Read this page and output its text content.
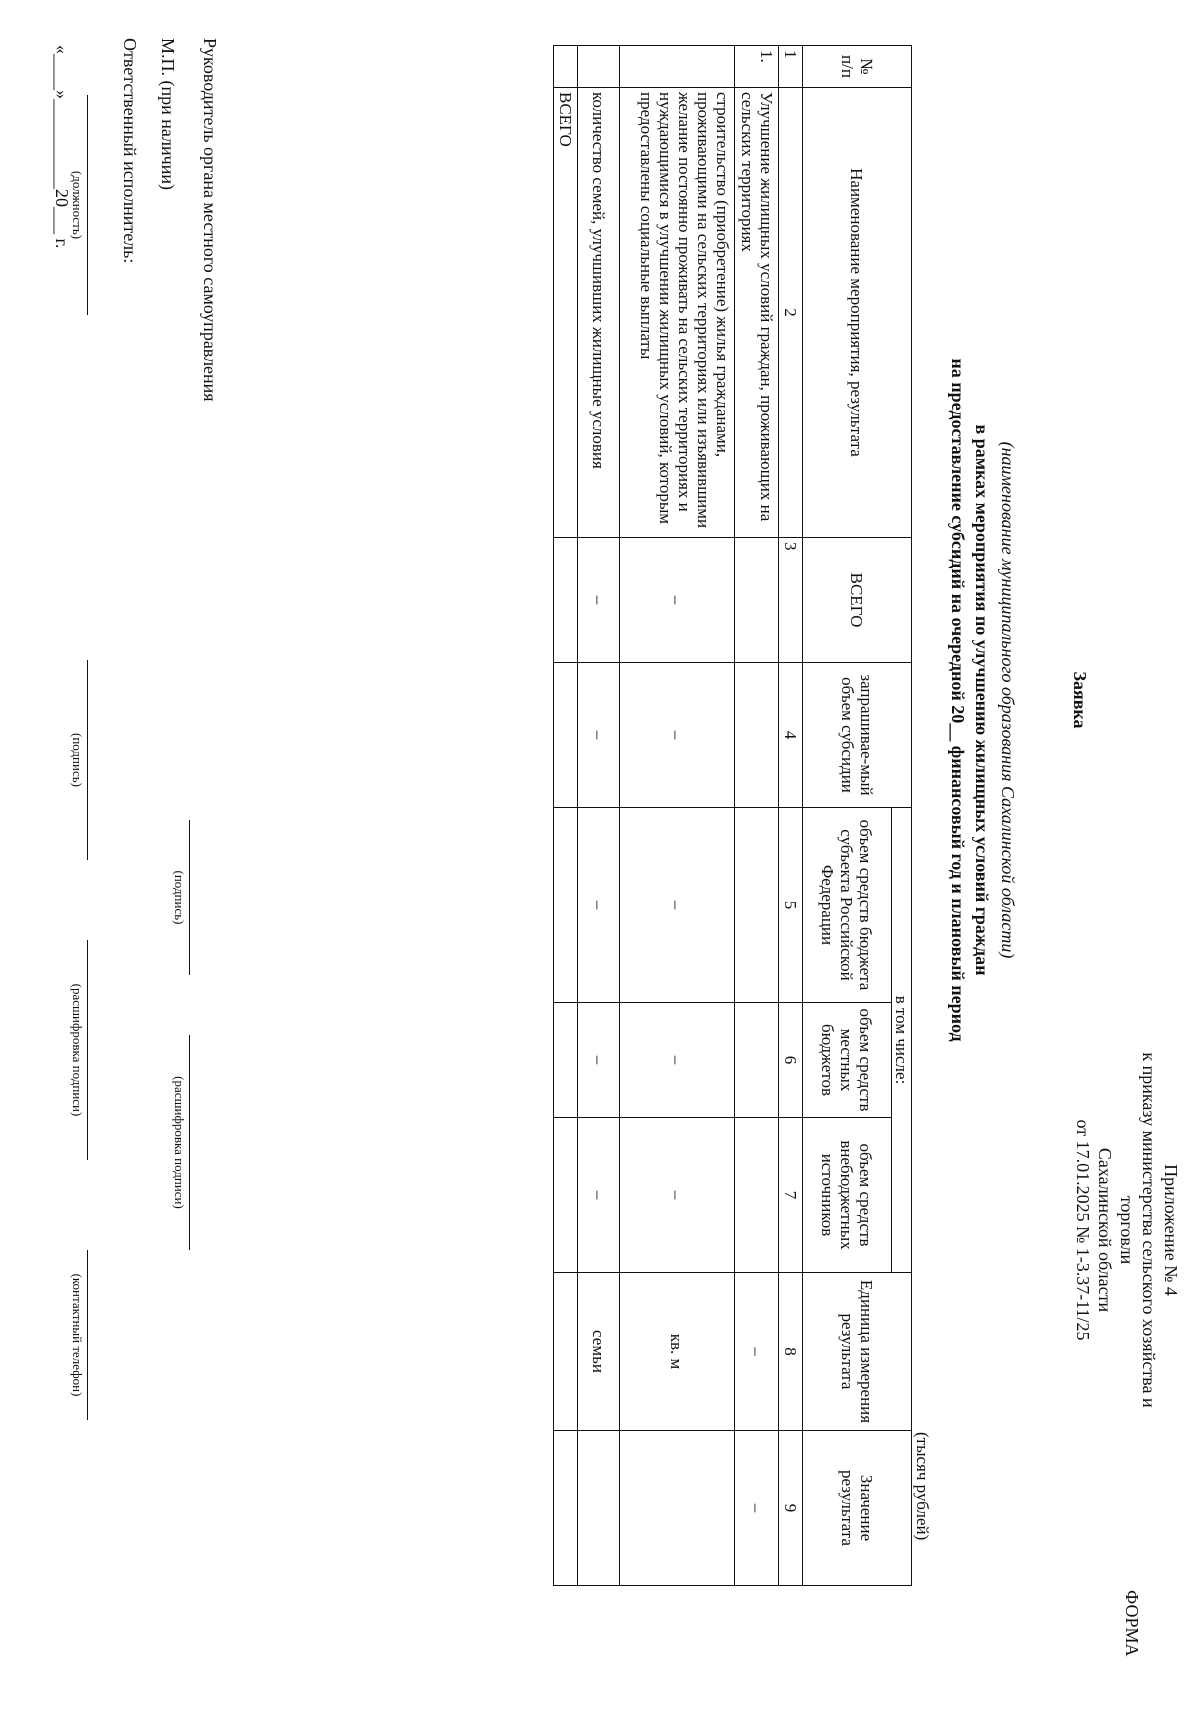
Приложение № 4
к приказу министерства сельского хозяйства и
торговли
Сахалинской области
от 17.01.2025 № 1-3.37-11/25
ФОРМА
Заявка
(наименование муниципального образования Сахалинской области)
в рамках мероприятия по улучшению жилищных условий граждан
на предоставление субсидий на очередной 20__ финансовый год и плановый период
(тысяч рублей)
№ п/п	Наименование мероприятия, результата	ВСЕГО	запрашивае-мый объем субсидии	в том числе:			Единица измерения результата	Значение результата
				объем средств бюджета субъекта Российской Федерации	объем средств местных бюджетов	объем средств внебюджетных источников		
1	2	3	4	5	6	7	8	9
1.	Улучшение жилищных условий граждан, проживающих на сельских территориях						–	–
	строительство (приобретение) жилья гражданами, проживающими на сельских территориях или изъявившими желание постоянно проживать на сельских территориях и нуждающимися в улучшении жилищных условий, которым предоставлены социальные выплаты	–	–	–	–	–	кв. м	
	количество семей, улучшивших жилищные условия	–	–	–	–	–	семьи	
	ВСЕГО							
Руководитель органа местного самоуправления
(подпись)
(расшифровка подписи)
М.П. (при наличии)
Ответственный исполнитель:
(должность)
(подпись)
(расшифровка подписи)
(контактный телефон)
«____»__________20___ г.
